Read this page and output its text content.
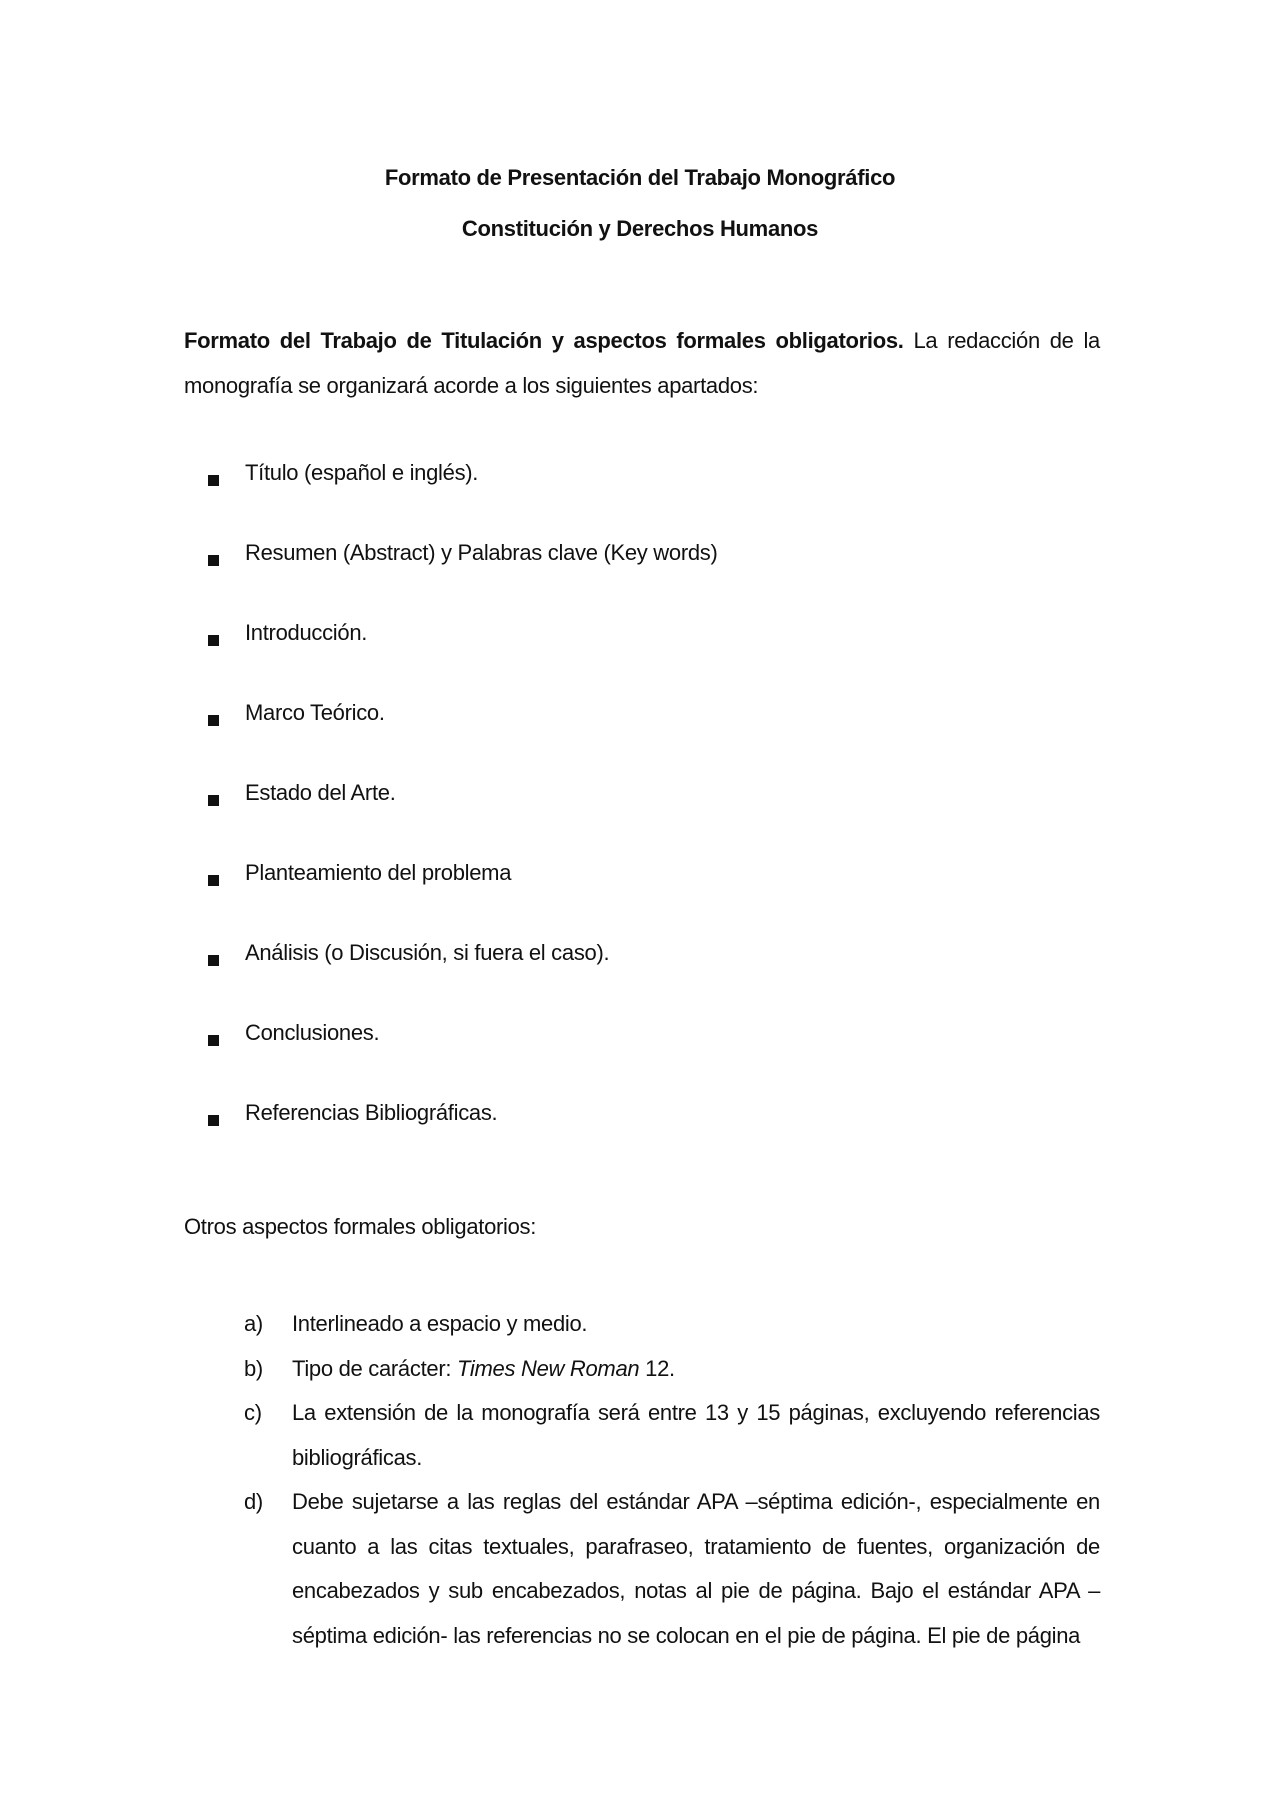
Formato de Presentación del Trabajo Monográfico
Constitución y Derechos Humanos
Formato del Trabajo de Titulación y aspectos formales obligatorios. La redacción de la monografía se organizará acorde a los siguientes apartados:
Título (español e inglés).
Resumen (Abstract) y Palabras clave (Key words)
Introducción.
Marco Teórico.
Estado del Arte.
Planteamiento del problema
Análisis (o Discusión, si fuera el caso).
Conclusiones.
Referencias Bibliográficas.
Otros aspectos formales obligatorios:
a) Interlineado a espacio y medio.
b) Tipo de carácter: Times New Roman 12.
c) La extensión de la monografía será entre 13 y 15 páginas, excluyendo referencias bibliográficas.
d) Debe sujetarse a las reglas del estándar APA –séptima edición-, especialmente en cuanto a las citas textuales, parafraseo, tratamiento de fuentes, organización de encabezados y sub encabezados, notas al pie de página. Bajo el estándar APA –séptima edición- las referencias no se colocan en el pie de página. El pie de página
